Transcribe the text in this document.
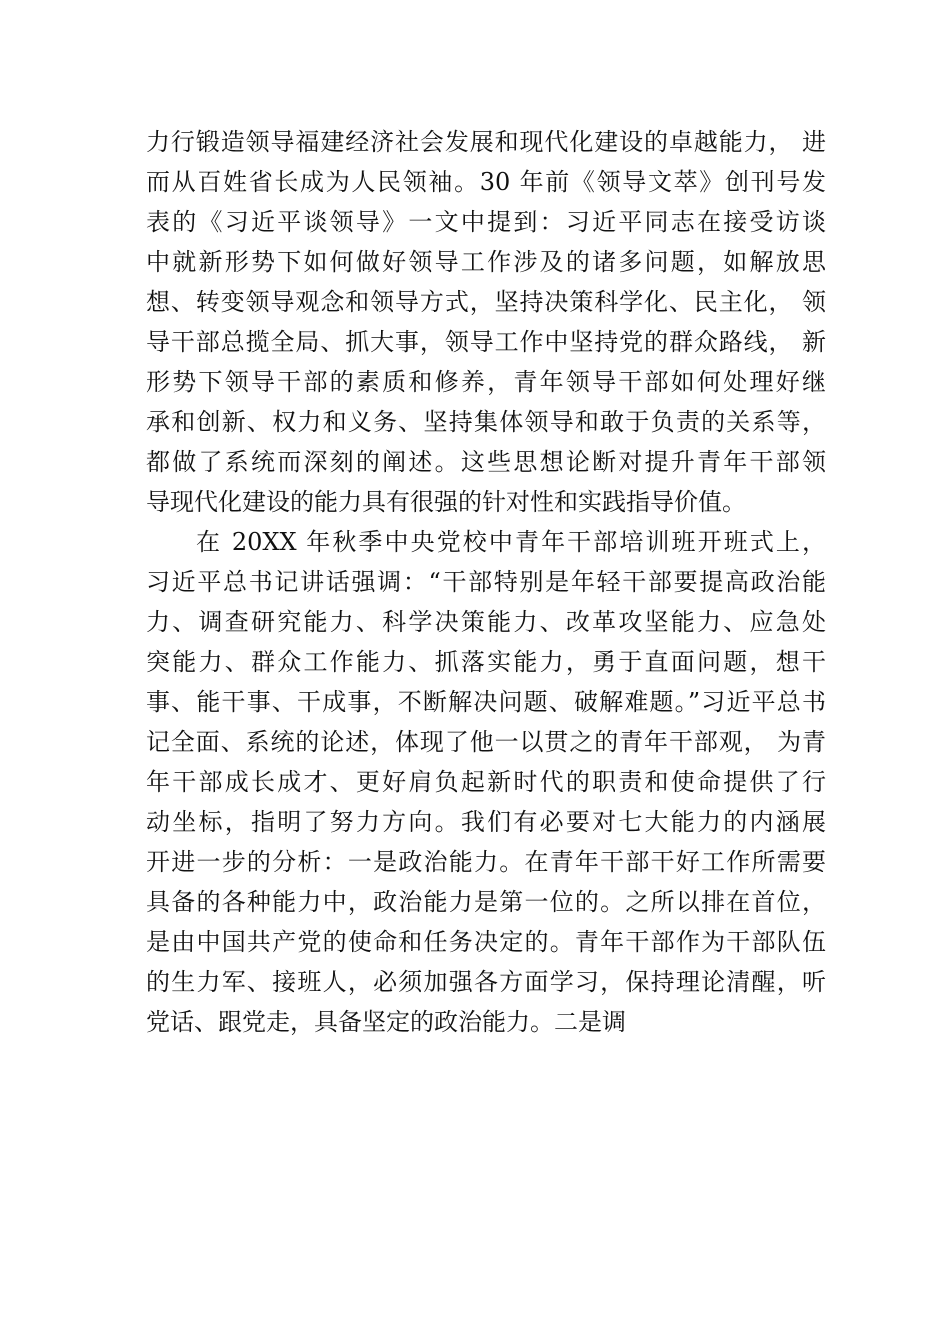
力行锻造领导福建经济社会发展和现代化建设的卓越能力， 进
而从百姓省长成为人民领袖。30 年前《领导文萃》创刊号发
表的《习近平谈领导》一文中提到：习近平同志在接受访谈
中就新形势下如何做好领导工作涉及的诸多问题，如解放思
想、转变领导观念和领导方式，坚持决策科学化、民主化， 领
导干部总揽全局、抓大事，领导工作中坚持党的群众路线， 新
形势下领导干部的素质和修养，青年领导干部如何处理好继
承和创新、权力和义务、坚持集体领导和敢于负责的关系等，
都做了系统而深刻的阐述。这些思想论断对提升青年干部领
导现代化建设的能力具有很强的针对性和实践指导价值。
在 20XX 年秋季中央党校中青年干部培训班开班式上，
习近平总书记讲话强调：“干部特别是年轻干部要提高政治能
力、调查研究能力、科学决策能力、改革攻坚能力、应急处
突能力、群众工作能力、抓落实能力，勇于直面问题，想干
事、能干事、干成事，不断解决问题、破解难题。”习近平总书
记全面、系统的论述，体现了他一以贯之的青年干部观， 为青
年干部成长成才、更好肩负起新时代的职责和使命提供了行
动坐标，指明了努力方向。我们有必要对七大能力的内涵展
开进一步的分析：一是政治能力。在青年干部干好工作所需要
具备的各种能力中，政治能力是第一位的。之所以排在首位，
是由中国共产党的使命和任务决定的。青年干部作为干部队伍
的生力军、接班人，必须加强各方面学习，保持理论清醒，听
党话、跟党走，具备坚定的政治能力。二是调
